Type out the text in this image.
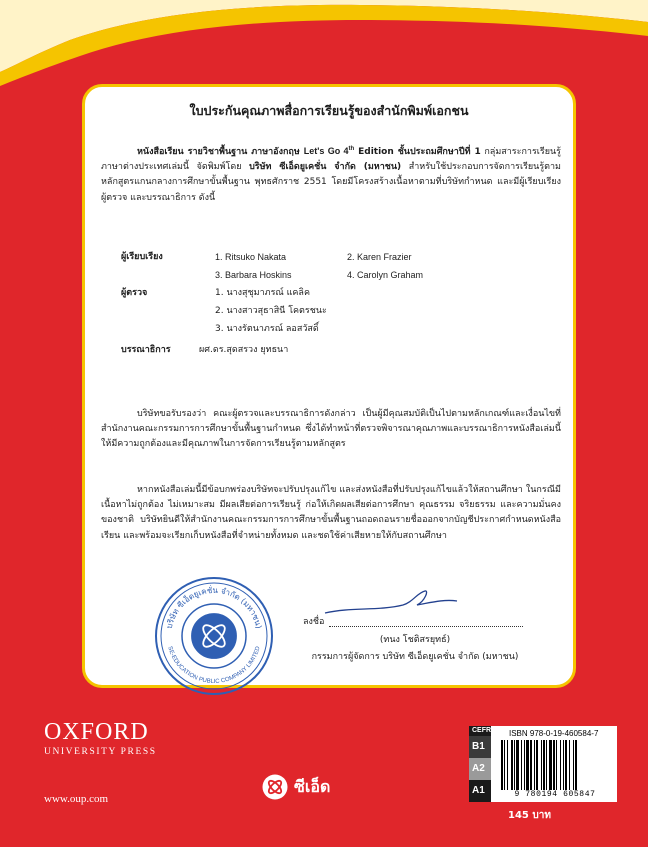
ใบประกันคุณภาพสื่อการเรียนรู้ของสำนักพิมพ์เอกชน

หนังสือเรียน รายวิชาพื้นฐาน ภาษาอังกฤษ Let's Go 4th Edition ชั้นประถมศึกษาปีที่ 1 กลุ่มสาระการเรียนรู้ภาษาต่างประเทศเล่มนี้ จัดพิมพ์โดย บริษัท ซีเอ็ดยูเคชั่น จำกัด (มหาชน) สำหรับใช้ประกอบการจัดการเรียนรู้ตามหลักสูตรแกนกลางการศึกษาขั้นพื้นฐาน พุทธศักราช 2551 โดยมีโครงสร้างเนื้อหาตามที่บริษัทกำหนด และมีผู้เรียบเรียง ผู้ตรวจ และบรรณาธิการ ดังนี้

ผู้เรียบเรียง	1. Ritsuko Nakata	2. Karen Frazier
3. Barbara Hoskins	4. Carolyn Graham
ผู้ตรวจ	1. นางสุชุมาภรณ์ แคลิค
2. นางสาวสุธาสินี โคตรชนะ
3. นางรัตนาภรณ์ ลอสวัสดิ์
บรรณาธิการ	ผศ.ดร.สุดสรวง ยุทธนา

บริษัทขอรับรองว่า คณะผู้ตรวจและบรรณาธิการดังกล่าว เป็นผู้มีคุณสมบัติเป็นไปตามหลักเกณฑ์และเงื่อนไขที่สำนักงานคณะกรรมการการศึกษาขั้นพื้นฐานกำหนด ซึ่งได้ทำหน้าที่ตรวจพิจารณาคุณภาพและบรรณาธิการหนังสือเล่มนี้ให้มีความถูกต้องและมีคุณภาพในการจัดการเรียนรู้ตามหลักสูตร

หากหนังสือเล่มนี้มีข้อบกพร่องบริษัทจะปรับปรุงแก้ไข และส่งหนังสือที่ปรับปรุงแก้ไขแล้วให้สถานศึกษา ในกรณีมีเนื้อหาไม่ถูกต้อง ไม่เหมาะสม มีผลเสียต่อการเรียนรู้ ก่อให้เกิดผลเสียต่อการศึกษา คุณธรรม จริยธรรม และความมั่นคงของชาติ บริษัทยินดีให้สำนักงานคณะกรรมการการศึกษาขั้นพื้นฐานถอดถอนรายชื่อออกจากบัญชีประกาศกำหนดหนังสือเรียน และพร้อมจะเรียกเก็บหนังสือที่จำหน่ายทั้งหมด และชดใช้ค่าเสียหายให้กับสถานศึกษา

บริษัท ซีเอ็ดยูเคชั่น จำกัด (มหาชน)
SE-EDUCATION PUBLIC COMPANY LIMITED
ลงชื่อ
(ทนง โชติสรยุทธ์)
กรรมการผู้จัดการ บริษัท ซีเอ็ดยูเคชั่น จำกัด (มหาชน)
OXFORD
UNIVERSITY PRESS
www.oup.com
ซีเอ็ด
CEFR
B1
A2
A1
ISBN 978-0-19-460584-7
9 780194 605847
145 บาท
